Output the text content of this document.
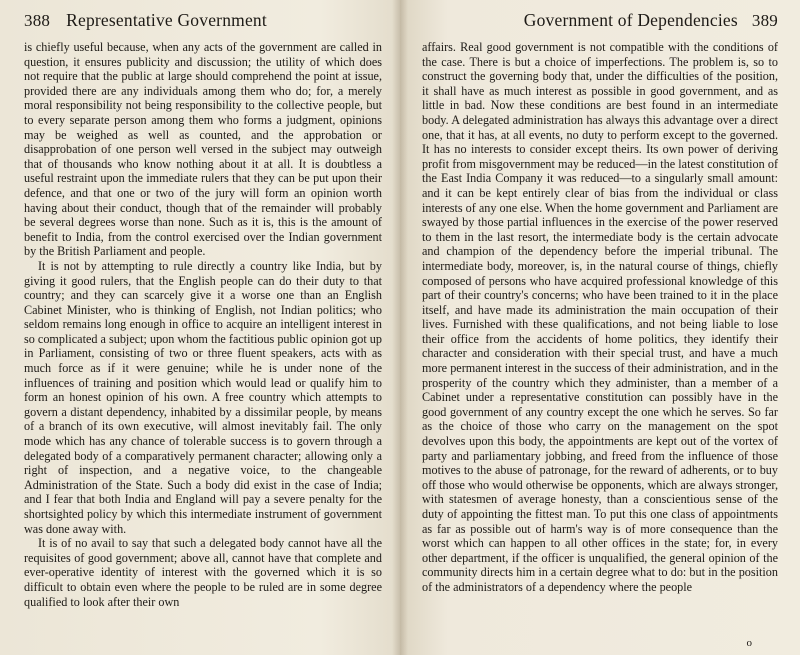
388 Representative Government

is chiefly useful because, when any acts of the government are called in question, it ensures publicity and discussion; the utility of which does not require that the public at large should comprehend the point at issue, provided there are any individuals among them who do; for, a merely moral responsibility not being responsibility to the collective people, but to every separate person among them who forms a judgment, opinions may be weighed as well as counted, and the approbation or disapprobation of one person well versed in the subject may outweigh that of thousands who know nothing about it at all. It is doubtless a useful restraint upon the immediate rulers that they can be put upon their defence, and that one or two of the jury will form an opinion worth having about their conduct, though that of the remainder will probably be several degrees worse than none. Such as it is, this is the amount of benefit to India, from the control exercised over the Indian government by the British Parliament and people.

It is not by attempting to rule directly a country like India, but by giving it good rulers, that the English people can do their duty to that country; and they can scarcely give it a worse one than an English Cabinet Minister, who is thinking of English, not Indian politics; who seldom remains long enough in office to acquire an intelligent interest in so complicated a subject; upon whom the factitious public opinion got up in Parliament, consisting of two or three fluent speakers, acts with as much force as if it were genuine; while he is under none of the influences of training and position which would lead or qualify him to form an honest opinion of his own. A free country which attempts to govern a distant dependency, inhabited by a dissimilar people, by means of a branch of its own executive, will almost inevitably fail. The only mode which has any chance of tolerable success is to govern through a delegated body of a comparatively permanent character; allowing only a right of inspection, and a negative voice, to the changeable Administration of the State. Such a body did exist in the case of India; and I fear that both India and England will pay a severe penalty for the shortsighted policy by which this intermediate instrument of government was done away with.

It is of no avail to say that such a delegated body cannot have all the requisites of good government; above all, cannot have that complete and ever-operative identity of interest with the governed which it is so difficult to obtain even where the people to be ruled are in some degree qualified to look after their own

Government of Dependencies 389

affairs. Real good government is not compatible with the conditions of the case. There is but a choice of imperfections. The problem is, so to construct the governing body that, under the difficulties of the position, it shall have as much interest as possible in good government, and as little in bad. Now these conditions are best found in an intermediate body. A delegated administration has always this advantage over a direct one, that it has, at all events, no duty to perform except to the governed. It has no interests to consider except theirs. Its own power of deriving profit from misgovernment may be reduced—in the latest constitution of the East India Company it was reduced—to a singularly small amount: and it can be kept entirely clear of bias from the individual or class interests of any one else. When the home government and Parliament are swayed by those partial influences in the exercise of the power reserved to them in the last resort, the intermediate body is the certain advocate and champion of the dependency before the imperial tribunal. The intermediate body, moreover, is, in the natural course of things, chiefly composed of persons who have acquired professional knowledge of this part of their country's concerns; who have been trained to it in the place itself, and have made its administration the main occupation of their lives. Furnished with these qualifications, and not being liable to lose their office from the accidents of home politics, they identify their character and consideration with their special trust, and have a much more permanent interest in the success of their administration, and in the prosperity of the country which they administer, than a member of a Cabinet under a representative constitution can possibly have in the good government of any country except the one which he serves. So far as the choice of those who carry on the management on the spot devolves upon this body, the appointments are kept out of the vortex of party and parliamentary jobbing, and freed from the influence of those motives to the abuse of patronage, for the reward of adherents, or to buy off those who would otherwise be opponents, which are always stronger, with statesmen of average honesty, than a conscientious sense of the duty of appointing the fittest man. To put this one class of appointments as far as possible out of harm's way is of more consequence than the worst which can happen to all other offices in the state; for, in every other department, if the officer is unqualified, the general opinion of the community directs him in a certain degree what to do: but in the position of the administrators of a dependency where the people

o
